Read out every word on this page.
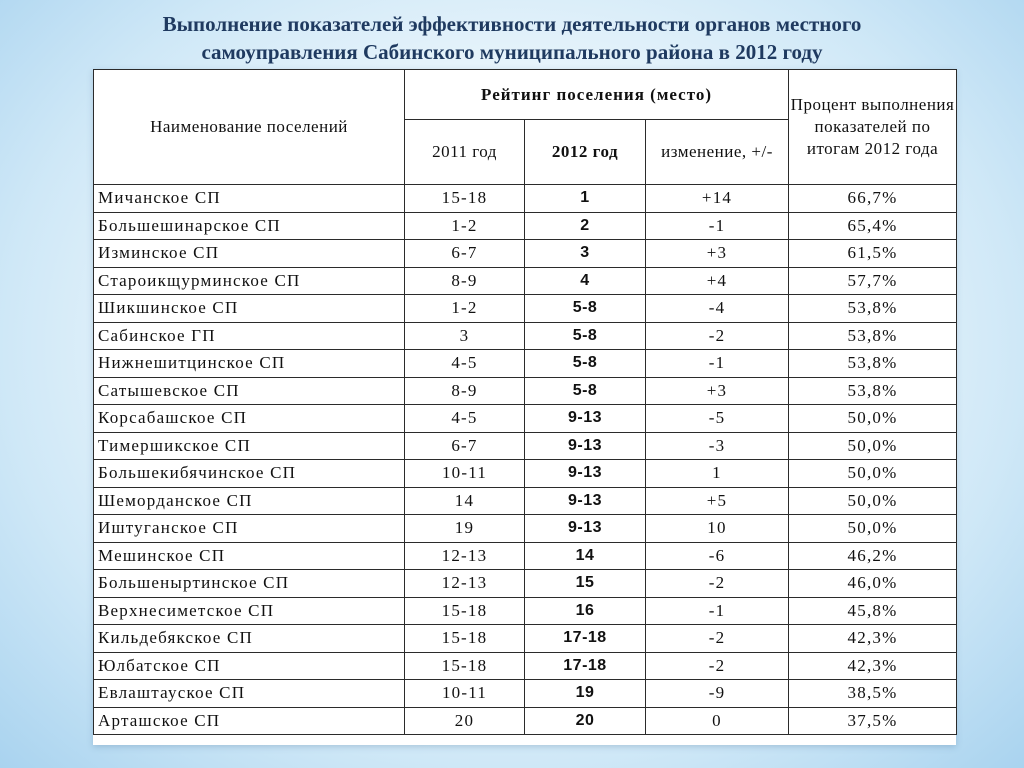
Выполнение показателей эффективности деятельности органов местного
самоуправления Сабинского муниципального района в 2012 году
Наименование поселений	Рейтинг поселения (место)			Процент выполнения показателей по итогам 2012 года
	2011 год	2012 год	изменение, +/-	
Мичанское СП	15-18	1	+14	66,7%
Большешинарское СП	1-2	2	-1	65,4%
Изминское СП	6-7	3	+3	61,5%
Староикщурминское СП	8-9	4	+4	57,7%
Шикшинское СП	1-2	5-8	-4	53,8%
Сабинское ГП	3	5-8	-2	53,8%
Нижнешитцинское СП	4-5	5-8	-1	53,8%
Сатышевское СП	8-9	5-8	+3	53,8%
Корсабашское СП	4-5	9-13	-5	50,0%
Тимершикское СП	6-7	9-13	-3	50,0%
Большекибячинское СП	10-11	9-13	1	50,0%
Шеморданское СП	14	9-13	+5	50,0%
Иштуганское СП	19	9-13	10	50,0%
Мешинское СП	12-13	14	-6	46,2%
Большеныртинское СП	12-13	15	-2	46,0%
Верхнесиметское СП	15-18	16	-1	45,8%
Кильдебякское СП	15-18	17-18	-2	42,3%
Юлбатское СП	15-18	17-18	-2	42,3%
Евлаштауское СП	10-11	19	-9	38,5%
Арташское СП	20	20	0	37,5%
